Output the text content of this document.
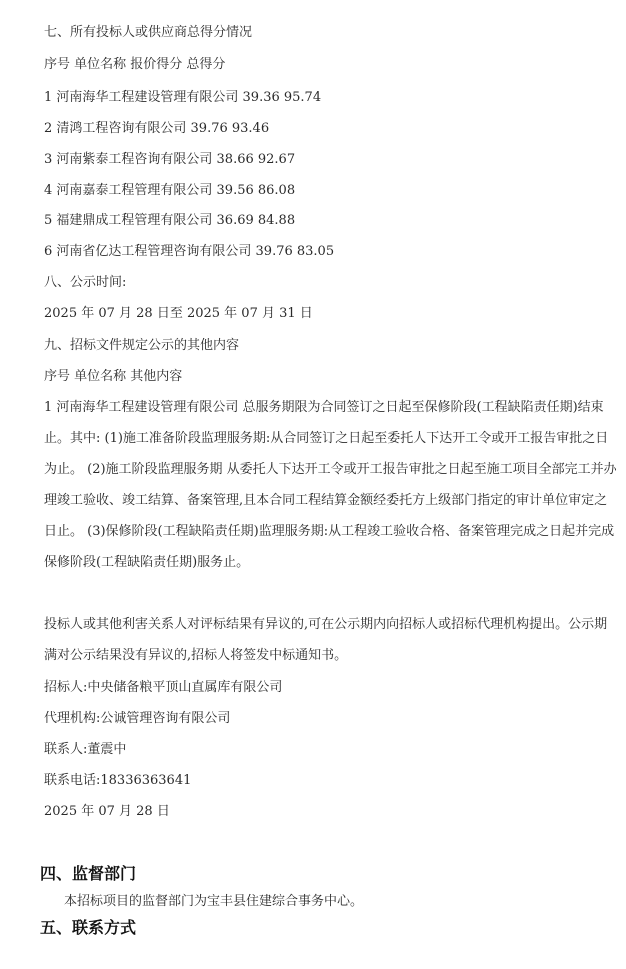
七、所有投标人或供应商总得分情况

序号 单位名称 报价得分 总得分

1 河南海华工程建设管理有限公司 39.36 95.74

2 清鸿工程咨询有限公司 39.76 93.46

3 河南紫泰工程咨询有限公司 38.66 92.67

4 河南嘉泰工程管理有限公司 39.56 86.08

5 福建鼎成工程管理有限公司 36.69 84.88

6 河南省亿达工程管理咨询有限公司 39.76 83.05

八、公示时间:

2025 年 07 月 28 日至 2025 年 07 月 31 日

九、招标文件规定公示的其他内容

序号 单位名称 其他内容

1 河南海华工程建设管理有限公司 总服务期限为合同签订之日起至保修阶段(工程缺陷责任期)结束止。其中: (1)施工准备阶段监理服务期:从合同签订之日起至委托人下达开工令或开工报告审批之日为止。 (2)施工阶段监理服务期 从委托人下达开工令或开工报告审批之日起至施工项目全部完工并办理竣工验收、竣工结算、备案管理,且本合同工程结算金额经委托方上级部门指定的审计单位审定之日止。 (3)保修阶段(工程缺陷责任期)监理服务期:从工程竣工验收合格、备案管理完成之日起并完成保修阶段(工程缺陷责任期)服务止。

投标人或其他利害关系人对评标结果有异议的,可在公示期内向招标人或招标代理机构提出。公示期满对公示结果没有异议的,招标人将签发中标通知书。

招标人:中央储备粮平顶山直属库有限公司

代理机构:公诚管理咨询有限公司

联系人:董震中

联系电话:18336363641

2025 年 07 月 28 日

四、监督部门

本招标项目的监督部门为宝丰县住建综合事务中心。

五、联系方式
